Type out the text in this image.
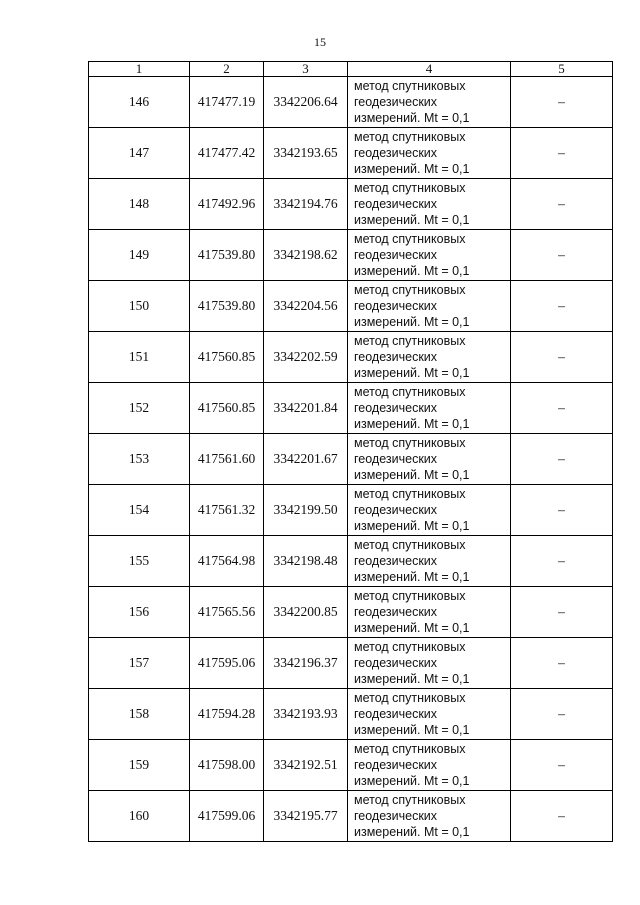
15
1	2	3	4	5
146	417477.19	3342206.64	метод спутниковых
геодезических
измерений. Mt = 0,1	–
147	417477.42	3342193.65	метод спутниковых
геодезических
измерений. Mt = 0,1	–
148	417492.96	3342194.76	метод спутниковых
геодезических
измерений. Mt = 0,1	–
149	417539.80	3342198.62	метод спутниковых
геодезических
измерений. Mt = 0,1	–
150	417539.80	3342204.56	метод спутниковых
геодезических
измерений. Mt = 0,1	–
151	417560.85	3342202.59	метод спутниковых
геодезических
измерений. Mt = 0,1	–
152	417560.85	3342201.84	метод спутниковых
геодезических
измерений. Mt = 0,1	–
153	417561.60	3342201.67	метод спутниковых
геодезических
измерений. Mt = 0,1	–
154	417561.32	3342199.50	метод спутниковых
геодезических
измерений. Mt = 0,1	–
155	417564.98	3342198.48	метод спутниковых
геодезических
измерений. Mt = 0,1	–
156	417565.56	3342200.85	метод спутниковых
геодезических
измерений. Mt = 0,1	–
157	417595.06	3342196.37	метод спутниковых
геодезических
измерений. Mt = 0,1	–
158	417594.28	3342193.93	метод спутниковых
геодезических
измерений. Mt = 0,1	–
159	417598.00	3342192.51	метод спутниковых
геодезических
измерений. Mt = 0,1	–
160	417599.06	3342195.77	метод спутниковых
геодезических
измерений. Mt = 0,1	–
